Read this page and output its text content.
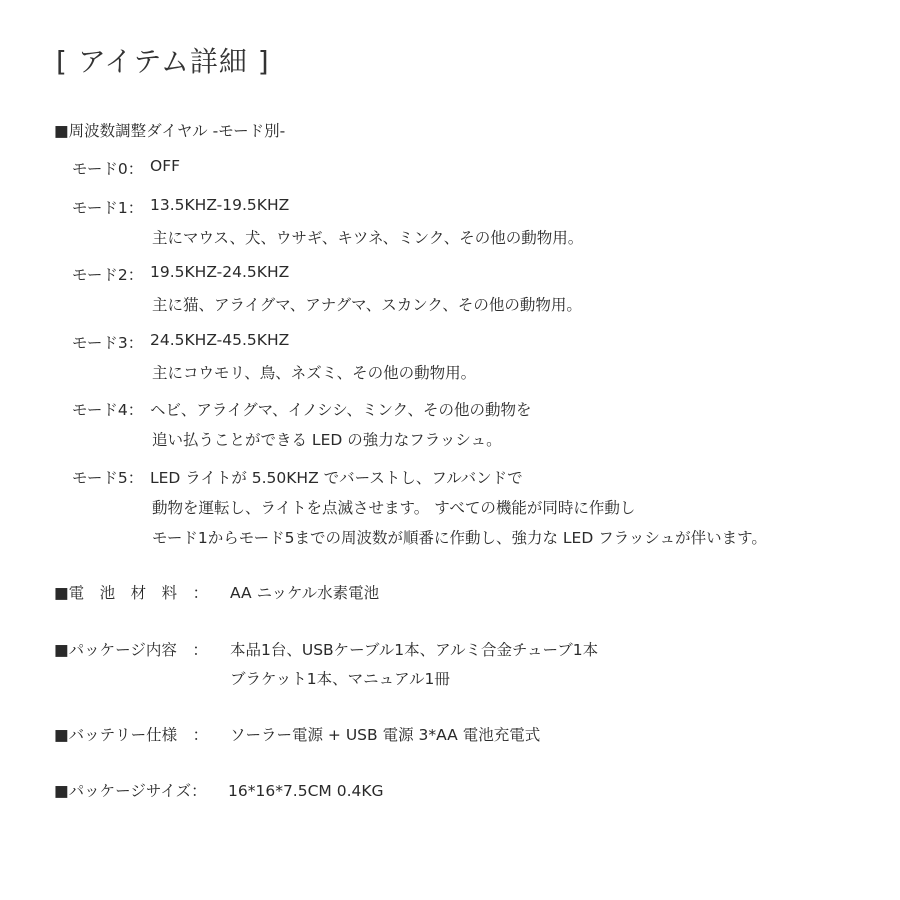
[ アイテム詳細 ]
■周波数調整ダイヤル -モード別-
モード0： OFF
モード1： 13.5KHZ-19.5KHZ
主にマウス、犬、ウサギ、キツネ、ミンク、その他の動物用。
モード2： 19.5KHZ-24.5KHZ
主に猫、アライグマ、アナグマ、スカンク、その他の動物用。
モード3： 24.5KHZ-45.5KHZ
主にコウモリ、鳥、ネズミ、その他の動物用。
モード4： ヘビ、アライグマ、イノシシ、ミンク、その他の動物を
追い払うことができる LED の強力なフラッシュ。
モード5： LED ライトが 5.50KHZ でバーストし、フルバンドで
動物を運転し、ライトを点滅させます。 すべての機能が同時に作動し
モード1からモード5までの周波数が順番に作動し、強力な LED フラッシュが伴います。
■電　池　材　料　： AA ニッケル水素電池
■パッケージ内容　： 本品1台、USBケーブル1本、アルミ合金チューブ1本
ブラケット1本、マニュアル1冊
■バッテリー仕様　： ソーラー電源 + USB 電源 3*AA 電池充電式
■パッケージサイズ： 16*16*7.5CM 0.4KG
